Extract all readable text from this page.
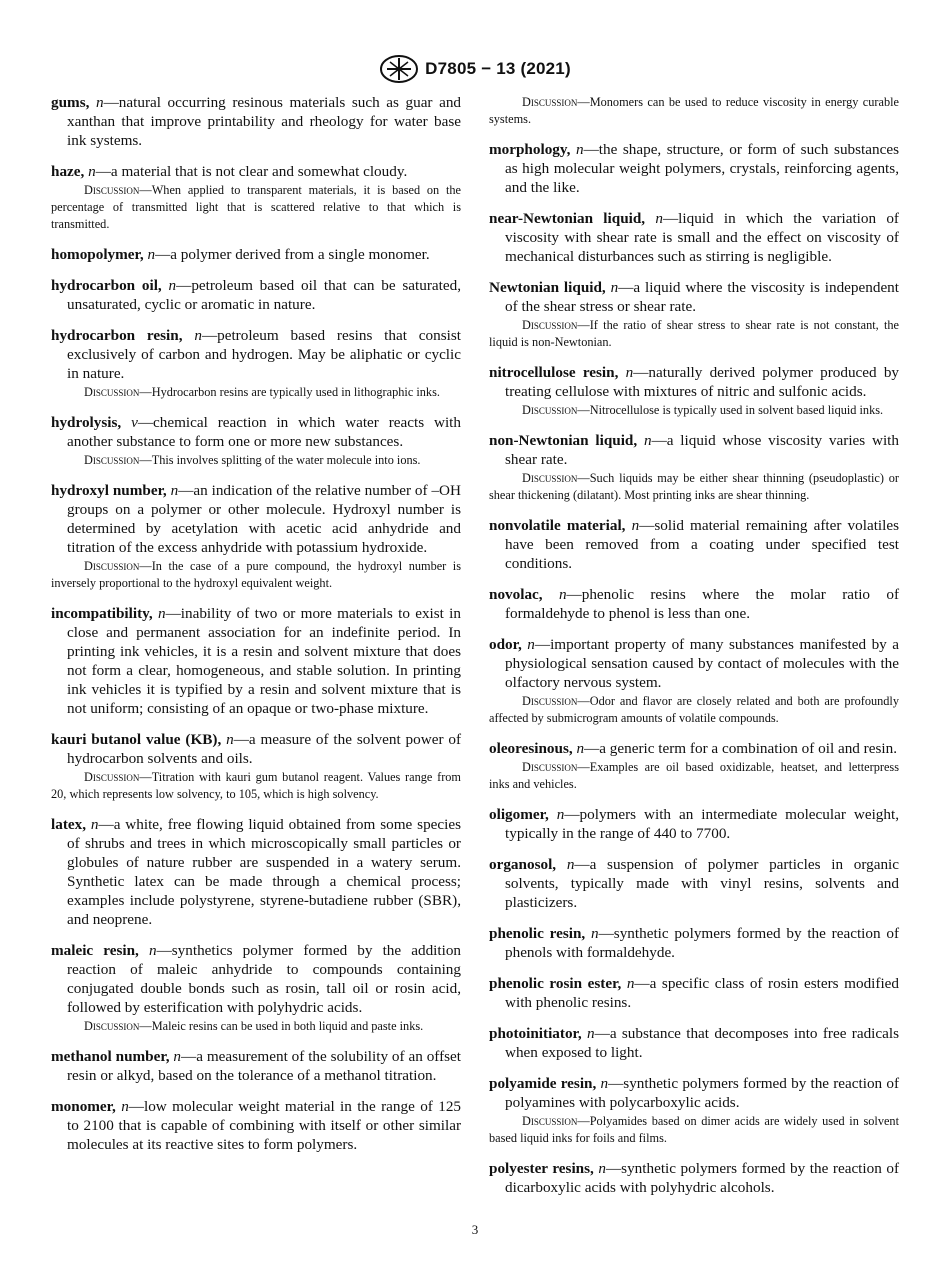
D7805 − 13 (2021)

gums, n—natural occurring resinous materials such as guar and xanthan that improve printability and rheology for water base ink systems.

haze, n—a material that is not clear and somewhat cloudy.

Discussion—When applied to transparent materials, it is based on the percentage of transmitted light that is scattered relative to that which is transmitted.

homopolymer, n—a polymer derived from a single monomer.

hydrocarbon oil, n—petroleum based oil that can be saturated, unsaturated, cyclic or aromatic in nature.

hydrocarbon resin, n—petroleum based resins that consist exclusively of carbon and hydrogen. May be aliphatic or cyclic in nature.

Discussion—Hydrocarbon resins are typically used in lithographic inks.

hydrolysis, v—chemical reaction in which water reacts with another substance to form one or more new substances.

Discussion—This involves splitting of the water molecule into ions.

hydroxyl number, n—an indication of the relative number of –OH groups on a polymer or other molecule. Hydroxyl number is determined by acetylation with acetic acid anhydride and titration of the excess anhydride with potassium hydroxide.

Discussion—In the case of a pure compound, the hydroxyl number is inversely proportional to the hydroxyl equivalent weight.

incompatibility, n—inability of two or more materials to exist in close and permanent association for an indefinite period. In printing ink vehicles, it is a resin and solvent mixture that does not form a clear, homogeneous, and stable solution. In printing ink vehicles it is typified by a resin and solvent mixture that is not uniform; consisting of an opaque or two-phase mixture.

kauri butanol value (KB), n—a measure of the solvent power of hydrocarbon solvents and oils.

Discussion—Titration with kauri gum butanol reagent. Values range from 20, which represents low solvency, to 105, which is high solvency.

latex, n—a white, free flowing liquid obtained from some species of shrubs and trees in which microscopically small particles or globules of nature rubber are suspended in a watery serum. Synthetic latex can be made through a chemical process; examples include polystyrene, styrene-butadiene rubber (SBR), and neoprene.

maleic resin, n—synthetics polymer formed by the addition reaction of maleic anhydride to compounds containing conjugated double bonds such as rosin, tall oil or rosin acid, followed by esterification with polyhydric acids.

Discussion—Maleic resins can be used in both liquid and paste inks.

methanol number, n—a measurement of the solubility of an offset resin or alkyd, based on the tolerance of a methanol titration.

monomer, n—low molecular weight material in the range of 125 to 2100 that is capable of combining with itself or other similar molecules at its reactive sites to form polymers.

Discussion—Monomers can be used to reduce viscosity in energy curable systems.

morphology, n—the shape, structure, or form of such substances as high molecular weight polymers, crystals, reinforcing agents, and the like.

near-Newtonian liquid, n—liquid in which the variation of viscosity with shear rate is small and the effect on viscosity of mechanical disturbances such as stirring is negligible.

Newtonian liquid, n—a liquid where the viscosity is independent of the shear stress or shear rate.

Discussion—If the ratio of shear stress to shear rate is not constant, the liquid is non-Newtonian.

nitrocellulose resin, n—naturally derived polymer produced by treating cellulose with mixtures of nitric and sulfonic acids.

Discussion—Nitrocellulose is typically used in solvent based liquid inks.

non-Newtonian liquid, n—a liquid whose viscosity varies with shear rate.

Discussion—Such liquids may be either shear thinning (pseudoplastic) or shear thickening (dilatant). Most printing inks are shear thinning.

nonvolatile material, n—solid material remaining after volatiles have been removed from a coating under specified test conditions.

novolac, n—phenolic resins where the molar ratio of formaldehyde to phenol is less than one.

odor, n—important property of many substances manifested by a physiological sensation caused by contact of molecules with the olfactory nervous system.

Discussion—Odor and flavor are closely related and both are profoundly affected by submicrogram amounts of volatile compounds.

oleoresinous, n—a generic term for a combination of oil and resin.

Discussion—Examples are oil based oxidizable, heatset, and letterpress inks and vehicles.

oligomer, n—polymers with an intermediate molecular weight, typically in the range of 440 to 7700.

organosol, n—a suspension of polymer particles in organic solvents, typically made with vinyl resins, solvents and plasticizers.

phenolic resin, n—synthetic polymers formed by the reaction of phenols with formaldehyde.

phenolic rosin ester, n—a specific class of rosin esters modified with phenolic resins.

photoinitiator, n—a substance that decomposes into free radicals when exposed to light.

polyamide resin, n—synthetic polymers formed by the reaction of polyamines with polycarboxylic acids.

Discussion—Polyamides based on dimer acids are widely used in solvent based liquid inks for foils and films.

polyester resins, n—synthetic polymers formed by the reaction of dicarboxylic acids with polyhydric alcohols.

3
